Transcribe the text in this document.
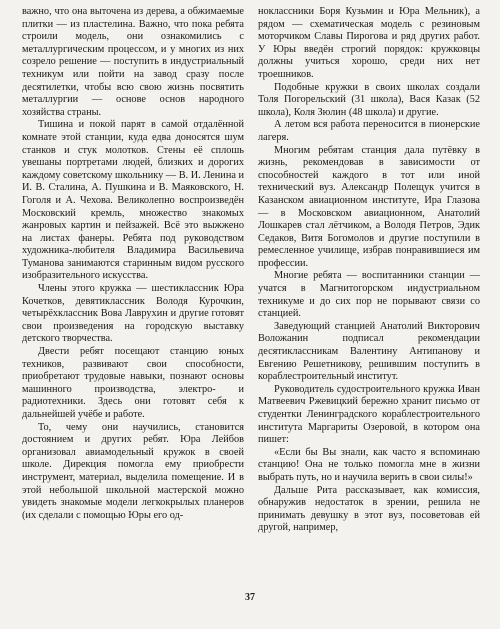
важно, что она выточена из дерева, а обжимаемые плитки — из пластелина. Важно, что пока ребята строили модель, они ознакомились с металлургическим процессом, и у многих из них созрело решение — поступить в индустриальный техникум или пойти на завод сразу после десятилетки, чтобы всю свою жизнь посвятить металлургии — основе основ народного хозяйства страны.

Тишина и покой парят в самой отдалённой комнате этой станции, куда едва доносятся шум станков и стук молотков. Стены её сплошь увешаны портретами людей, близких и дорогих каждому советскому школьнику — В. И. Ленина и И. В. Сталина, А. Пушкина и В. Маяковского, Н. Гоголя и А. Чехова. Великолепно воспроизведён Московский кремль, множество знакомых жанровых картин и пейзажей. Всё это выжжено на листах фанеры. Ребята под руководством художника-любителя Владимира Васильевича Туманова занимаются старинным видом русского изобразительного искусства.

Члены этого кружка — шестиклассник Юра Кочетков, девятиклассник Володя Курочкин, четырёхклассник Вова Лаврухин и другие готовят свои произведения на городскую выставку детского творчества.

Двести ребят посещают станцию юных техников, развивают свои способности, приобретают трудовые навыки, познают основы машинного производства, электро- и радиотехники. Здесь они готовят себя к дальнейшей учёбе и работе.

То, чему они научились, становится достоянием и других ребят. Юра Лейбов организовал авиамодельный кружок в своей школе. Дирекция помогла ему приобрести инструмент, материал, выделила помещение. И в этой небольшой школьной мастерской можно увидеть знакомые модели легкокрылых планеров (их сделали с помощью Юры его од-

ноклассники Боря Кузьмин и Юра Мельник), а рядом — схематическая модель с резиновым моторчиком Славы Пирогова и ряд других работ. У Юры введён строгий порядок: кружковцы должны учиться хорошо, среди них нет троешников.

Подобные кружки в своих школах создали Толя Погорельский (31 школа), Вася Казак (52 школа), Коля Зюлин (48 школа) и другие.

А летом вся работа переносится в пионерские лагеря.

Многим ребятам станция дала путёвку в жизнь, рекомендовав в зависимости от способностей каждого в тот или иной технический вуз. Александр Полещук учится в Казанском авиационном институте, Ира Глазова — в Московском авиационном, Анатолий Лошкарев стал лётчиком, а Володя Петров, Эдик Седаков, Витя Богомолов и другие поступили в ремесленное училище, избрав понравившиеся им профессии.

Многие ребята — воспитанники станции — учатся в Магнитогорском индустриальном техникуме и до сих пор не порывают связи со станцией.

Заведующий станцией Анатолий Викторович Воложанин подписал рекомендации десятиклассникам Валентину Антипанову и Евгению Решетникову, решившим поступить в кораблестроительный институт.

Руководитель судостроительного кружка Иван Матвеевич Ржевицкий бережно хранит письмо от студентки Ленинградского кораблестроительного института Маргариты Озеровой, в котором она пишет:

«Если бы Вы знали, как часто я вспоминаю станцию! Она не только помогла мне в жизни выбрать путь, но и научила верить в свои силы!»

Дальше Рита рассказывает, как комиссия, обнаружив недостаток в зрении, решила не принимать девушку в этот вуз, посоветовав ей другой, например,

37
